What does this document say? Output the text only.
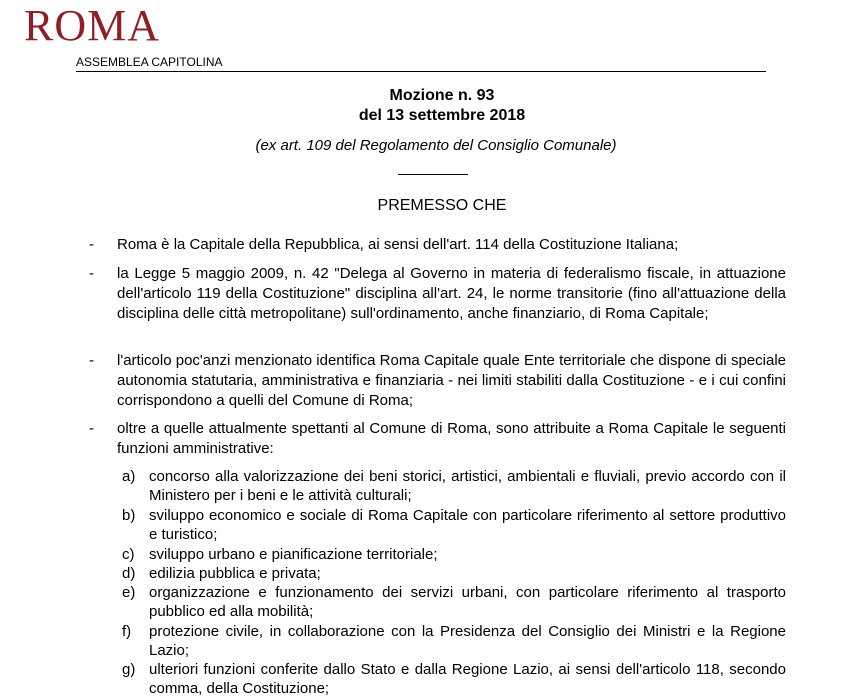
ROMA
ASSEMBLEA CAPITOLINA
Mozione n. 93
del 13 settembre 2018
(ex art. 109 del Regolamento del Consiglio Comunale)
PREMESSO CHE
- Roma è la Capitale della Repubblica, ai sensi dell'art. 114 della Costituzione Italiana;
- la Legge 5 maggio 2009, n. 42 "Delega al Governo in materia di federalismo fiscale, in attuazione dell'articolo 119 della Costituzione" disciplina all'art. 24, le norme transitorie (fino all'attuazione della disciplina delle città metropolitane) sull'ordinamento, anche finanziario, di Roma Capitale;
- l'articolo poc'anzi menzionato identifica Roma Capitale quale Ente territoriale che dispone di speciale autonomia statutaria, amministrativa e finanziaria - nei limiti stabiliti dalla Costituzione - e i cui confini corrispondono a quelli del Comune di Roma;
- oltre a quelle attualmente spettanti al Comune di Roma, sono attribuite a Roma Capitale le seguenti funzioni amministrative:
a) concorso alla valorizzazione dei beni storici, artistici, ambientali e fluviali, previo accordo con il Ministero per i beni e le attività culturali;
b) sviluppo economico e sociale di Roma Capitale con particolare riferimento al settore produttivo e turistico;
c) sviluppo urbano e pianificazione territoriale;
d) edilizia pubblica e privata;
e) organizzazione e funzionamento dei servizi urbani, con particolare riferimento al trasporto pubblico ed alla mobilità;
f) protezione civile, in collaborazione con la Presidenza del Consiglio dei Ministri e la Regione Lazio;
g) ulteriori funzioni conferite dallo Stato e dalla Regione Lazio, ai sensi dell'articolo 118, secondo comma, della Costituzione;
